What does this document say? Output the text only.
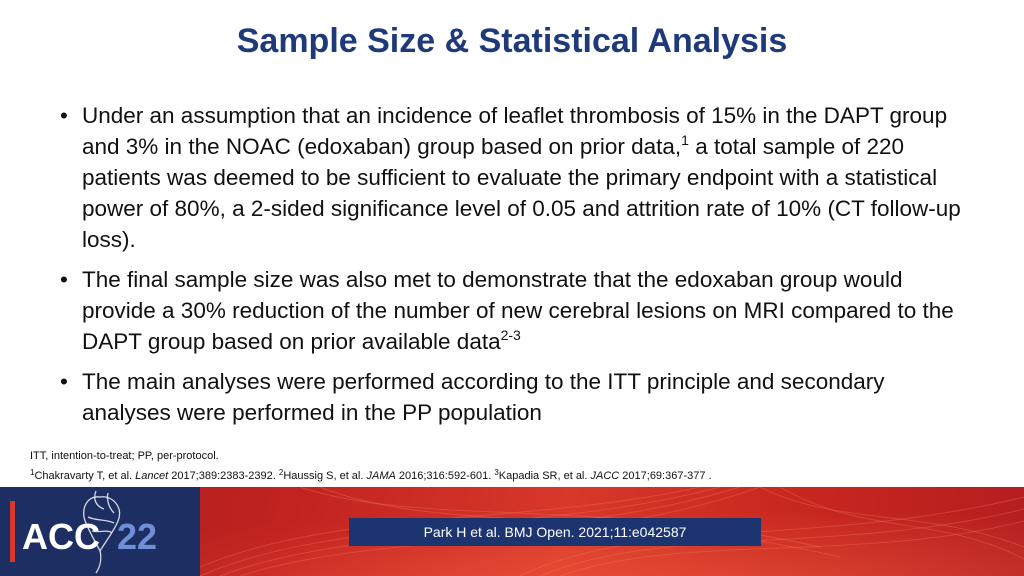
Sample Size & Statistical Analysis
• Under an assumption that an incidence of leaflet thrombosis of 15% in the DAPT group and 3% in the NOAC (edoxaban) group based on prior data,$^1$ a total sample of 220 patients was deemed to be sufficient to evaluate the primary endpoint with a statistical power of 80%, a 2-sided significance level of 0.05 and attrition rate of 10% (CT follow-up loss).
• The final sample size was also met to demonstrate that the edoxaban group would provide a 30% reduction of the number of new cerebral lesions on MRI compared to the DAPT group based on prior available data$^{2-3}$
• The main analyses were performed according to the ITT principle and secondary analyses were performed in the PP population
ITT, intention-to-treat; PP, per-protocol.
$^1$Chakravarty T, et al. Lancet 2017;389:2383-2392. $^2$Haussig S, et al. JAMA 2016;316:592-601. $^3$Kapadia SR, et al. JACC 2017;69:367-377 .
ACC 22	Park H et al. BMJ Open. 2021;11:e042587
